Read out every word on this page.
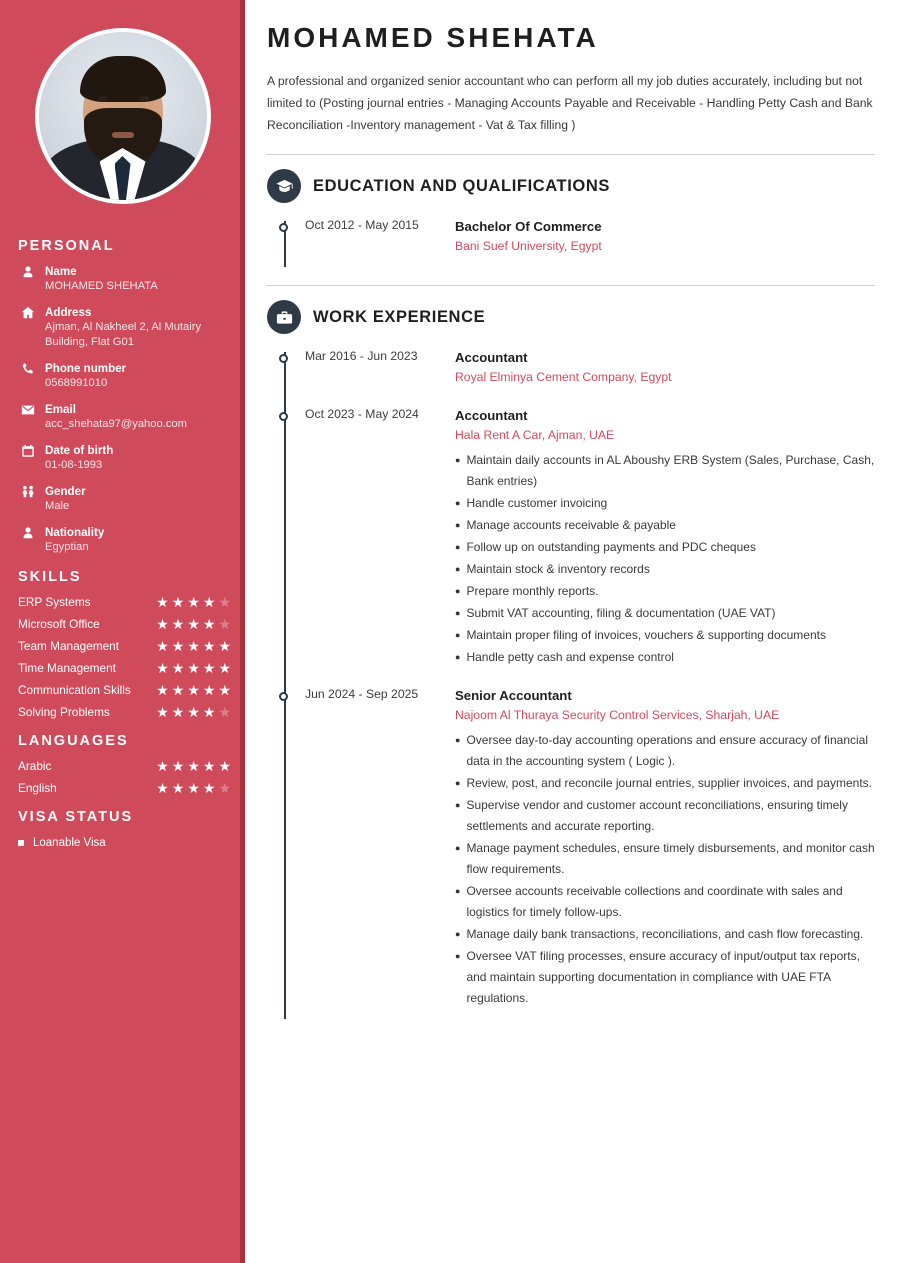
PERSONAL
Name
MOHAMED SHEHATA
Address
Ajman, Al Nakheel 2, Al Mutairy Building, Flat G01
Phone number
0568991010
Email
acc_shehata97@yahoo.com
Date of birth
01-08-1993
Gender
Male
Nationality
Egyptian
SKILLS
ERP Systems	★ ★ ★ ★ ★
Microsoft Office	★ ★ ★ ★ ★
Team Management	★ ★ ★ ★ ★
Time Management	★ ★ ★ ★ ★
Communication Skills ★ ★ ★ ★ ★
Solving Problems	★ ★ ★ ★ ★
LANGUAGES
Arabic	★ ★ ★ ★ ★
English	★ ★ ★ ★ ★
VISA STATUS
Loanable Visa
MOHAMED SHEHATA

A professional and organized senior accountant who can perform all my job duties accurately, including but not limited to (Posting journal entries - Managing Accounts Payable and Receivable - Handling Petty Cash and Bank Reconciliation -Inventory management - Vat & Tax filling )

EDUCATION AND QUALIFICATIONS
Oct 2012 - May 2015	Bachelor Of Commerce
Bani Suef University, Egypt
WORK EXPERIENCE
Mar 2016 - Jun 2023	Accountant
Royal Elminya Cement Company, Egypt
Oct 2023 - May 2024	Accountant
Hala Rent A Car, Ajman, UAE
● Maintain daily accounts in AL Aboushy ERB System (Sales, Purchase, Cash, Bank entries)
● Handle customer invoicing
● Manage accounts receivable & payable
● Follow up on outstanding payments and PDC cheques
● Maintain stock & inventory records
● Prepare monthly reports.
● Submit VAT accounting, filing & documentation (UAE VAT)
● Maintain proper filing of invoices, vouchers & supporting documents
● Handle petty cash and expense control
Jun 2024 - Sep 2025	Senior Accountant
Najoom Al Thuraya Security Control Services, Sharjah, UAE
● Oversee day-to-day accounting operations and ensure accuracy of financial data in the accounting system ( Logic ).
● Review, post, and reconcile journal entries, supplier invoices, and payments.
● Supervise vendor and customer account reconciliations, ensuring timely settlements and accurate reporting.
● Manage payment schedules, ensure timely disbursements, and monitor cash flow requirements.
● Oversee accounts receivable collections and coordinate with sales and logistics for timely follow-ups.
● Manage daily bank transactions, reconciliations, and cash flow forecasting.
● Oversee VAT filing processes, ensure accuracy of input/output tax reports, and maintain supporting documentation in compliance with UAE FTA regulations.
